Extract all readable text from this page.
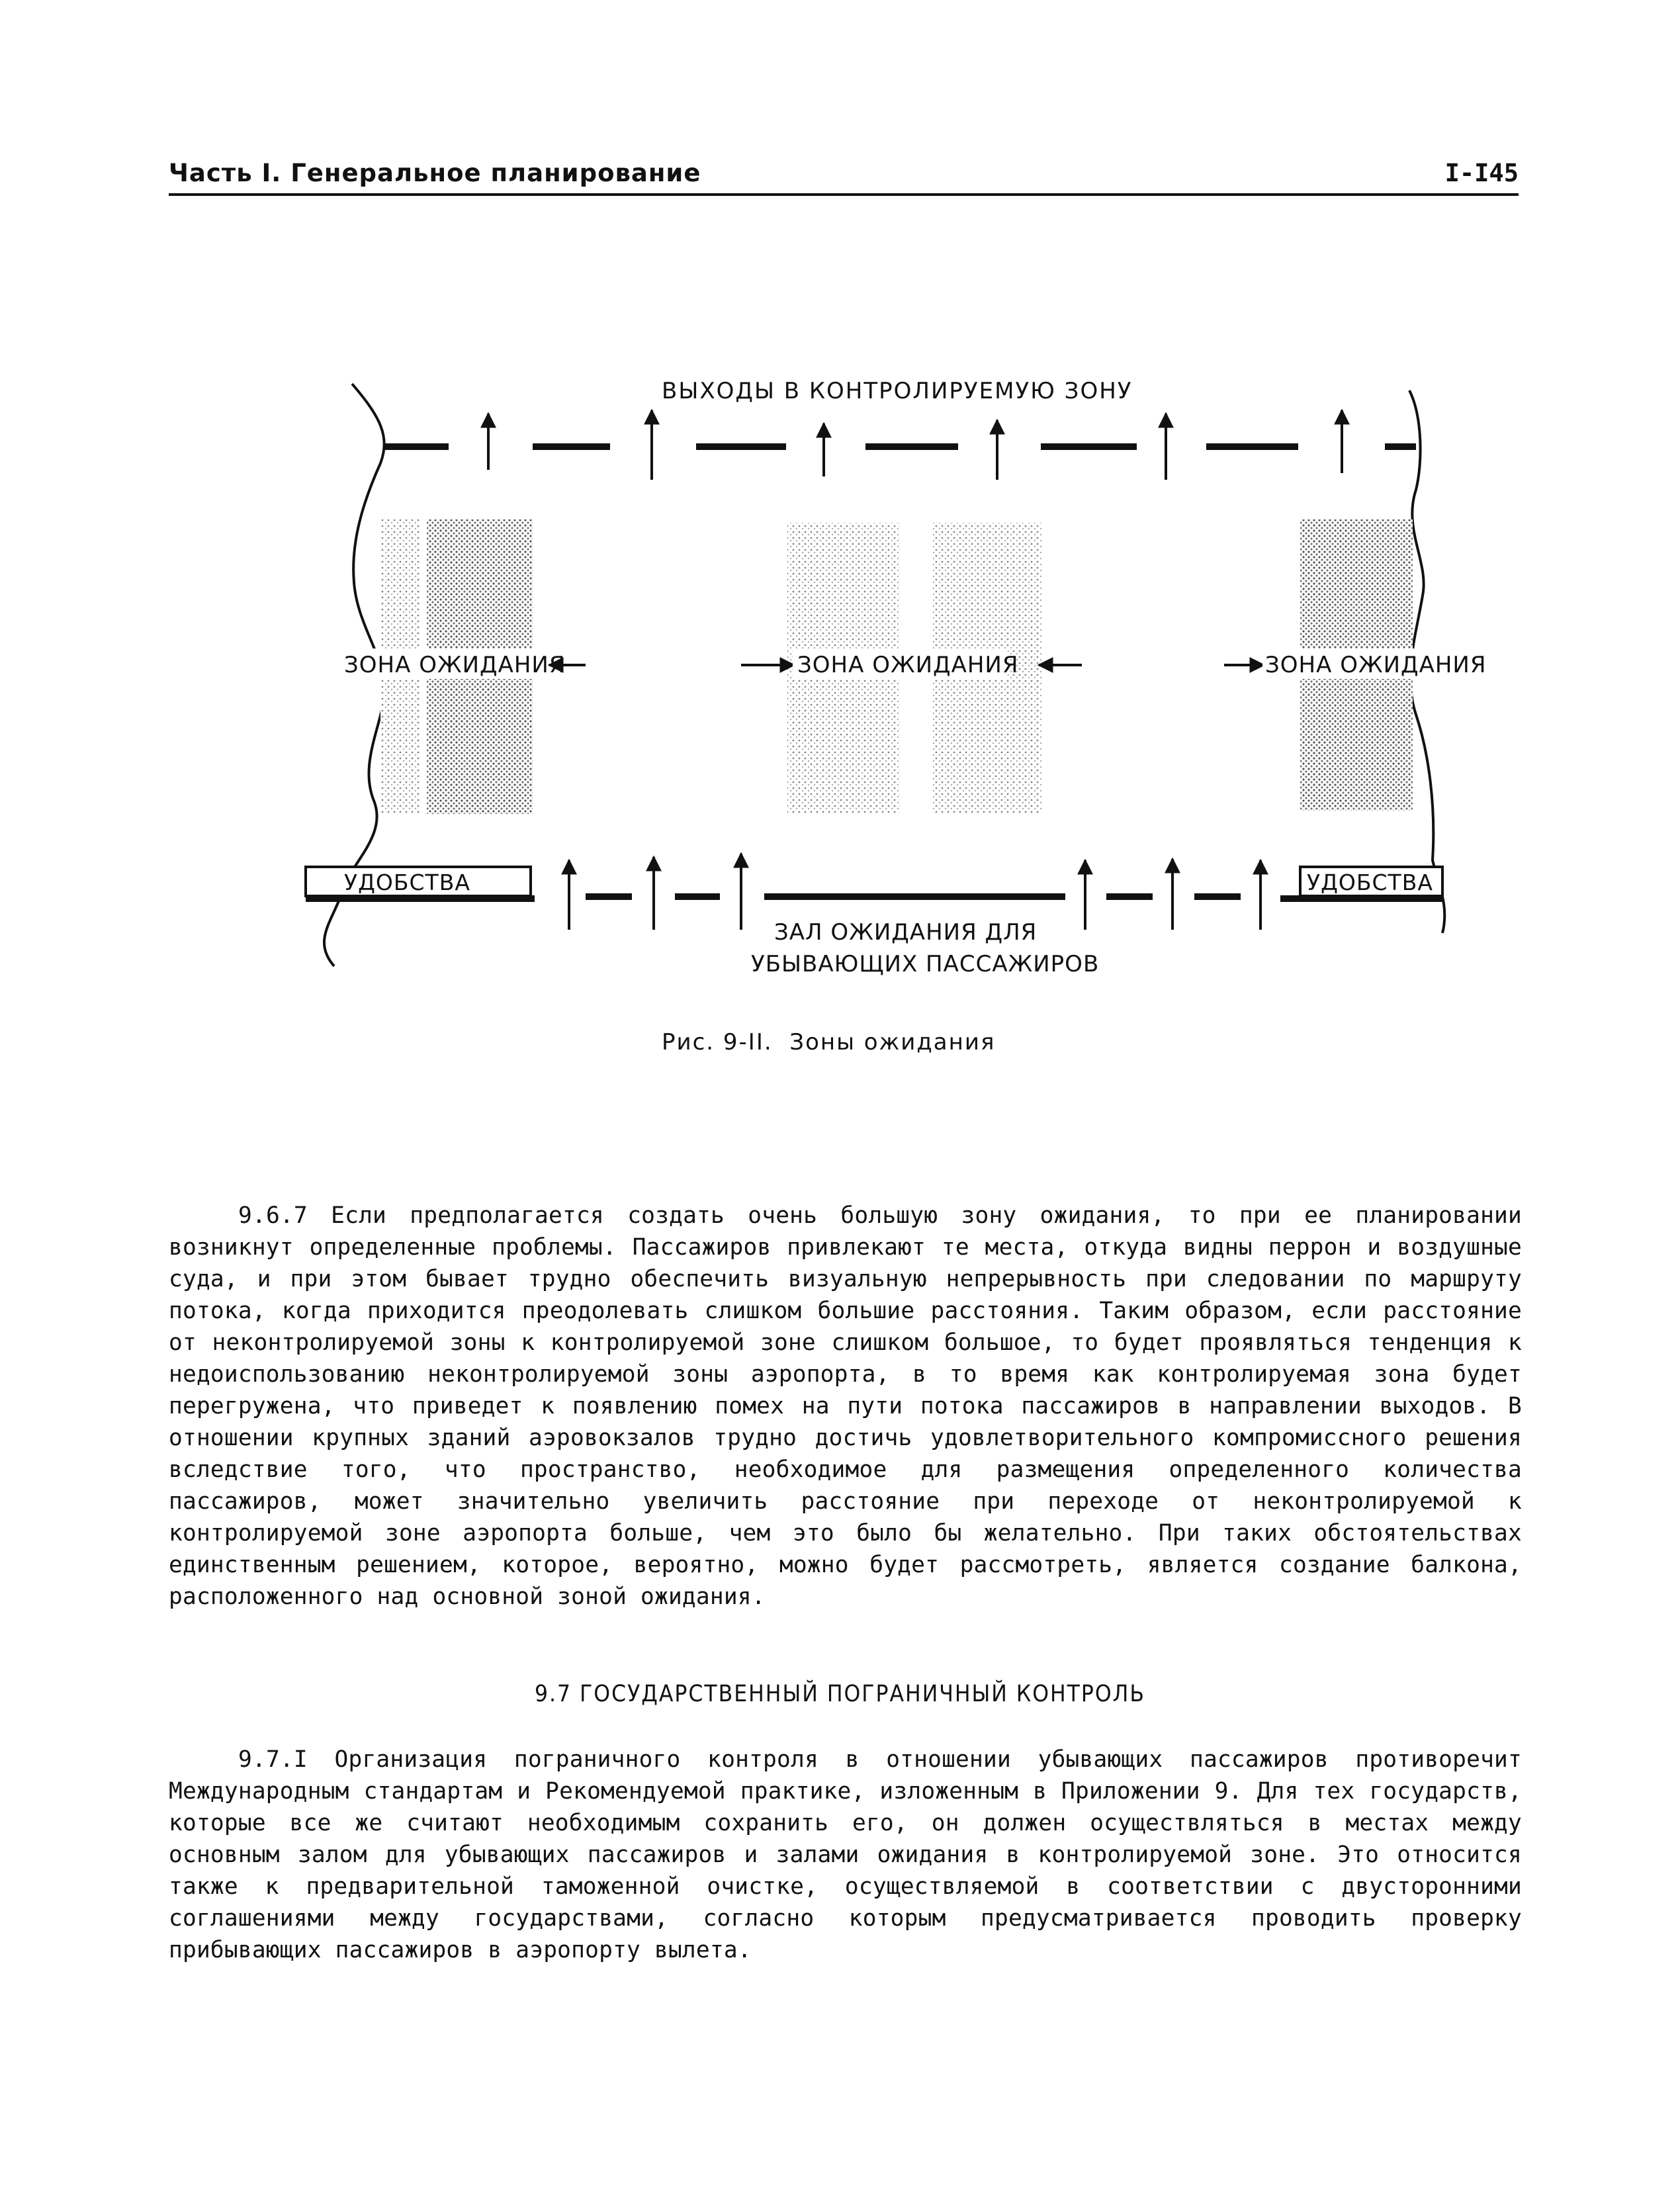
Часть I. Генеральное планирование	I-I45
ВЫХОДЫ В КОНТРОЛИРУЕМУЮ ЗОНУ
ЗОНА ОЖИДАНИЯ	ЗОНА ОЖИДАНИЯ	ЗОНА ОЖИДАНИЯ
УДОБСТВА	УДОБСТВА
ЗАЛ ОЖИДАНИЯ ДЛЯ
УБЫВАЮЩИХ ПАССАЖИРОВ
Рис. 9-II.  Зоны ожидания
9.6.7 Если предполагается создать очень большую зону ожидания, то при ее планировании возникнут определенные проблемы. Пассажиров привлекают те места, откуда видны перрон и воздушные суда, и при этом бывает трудно обеспечить визуальную непрерывность при следовании по маршруту потока, когда приходится преодолевать слишком большие расстояния. Таким образом, если расстояние от неконтролируемой зоны к контролируемой зоне слишком большое, то будет проявляться тенденция к недоиспользованию неконтролируемой зоны аэропорта, в то время как контролируемая зона будет перегружена, что приведет к появлению помех на пути потока пассажиров в направлении выходов. В отношении крупных зданий аэровокзалов трудно достичь удовлетворительного компромиссного решения вследствие того, что пространство, необходимое для размещения определенного количества пассажиров, может значительно увеличить расстояние при переходе от неконтролируемой к контролируемой зоне аэропорта больше, чем это было бы желательно. При таких обстоятельствах единственным решением, которое, вероятно, можно будет рассмотреть, является создание балкона, расположенного над основной зоной ожидания.
9.7 ГОСУДАРСТВЕННЫЙ ПОГРАНИЧНЫЙ КОНТРОЛЬ
9.7.I Организация пограничного контроля в отношении убывающих пассажиров противоречит Международным стандартам и Рекомендуемой практике, изложенным в Приложении 9. Для тех государств, которые все же считают необходимым сохранить его, он должен осуществляться в местах между основным залом для убывающих пассажиров и залами ожидания в контролируемой зоне. Это относится также к предварительной таможенной очистке, осуществляемой в соответствии с двусторонними соглашениями между государствами, согласно которым предусматривается проводить проверку прибывающих пассажиров в аэропорту вылета.
